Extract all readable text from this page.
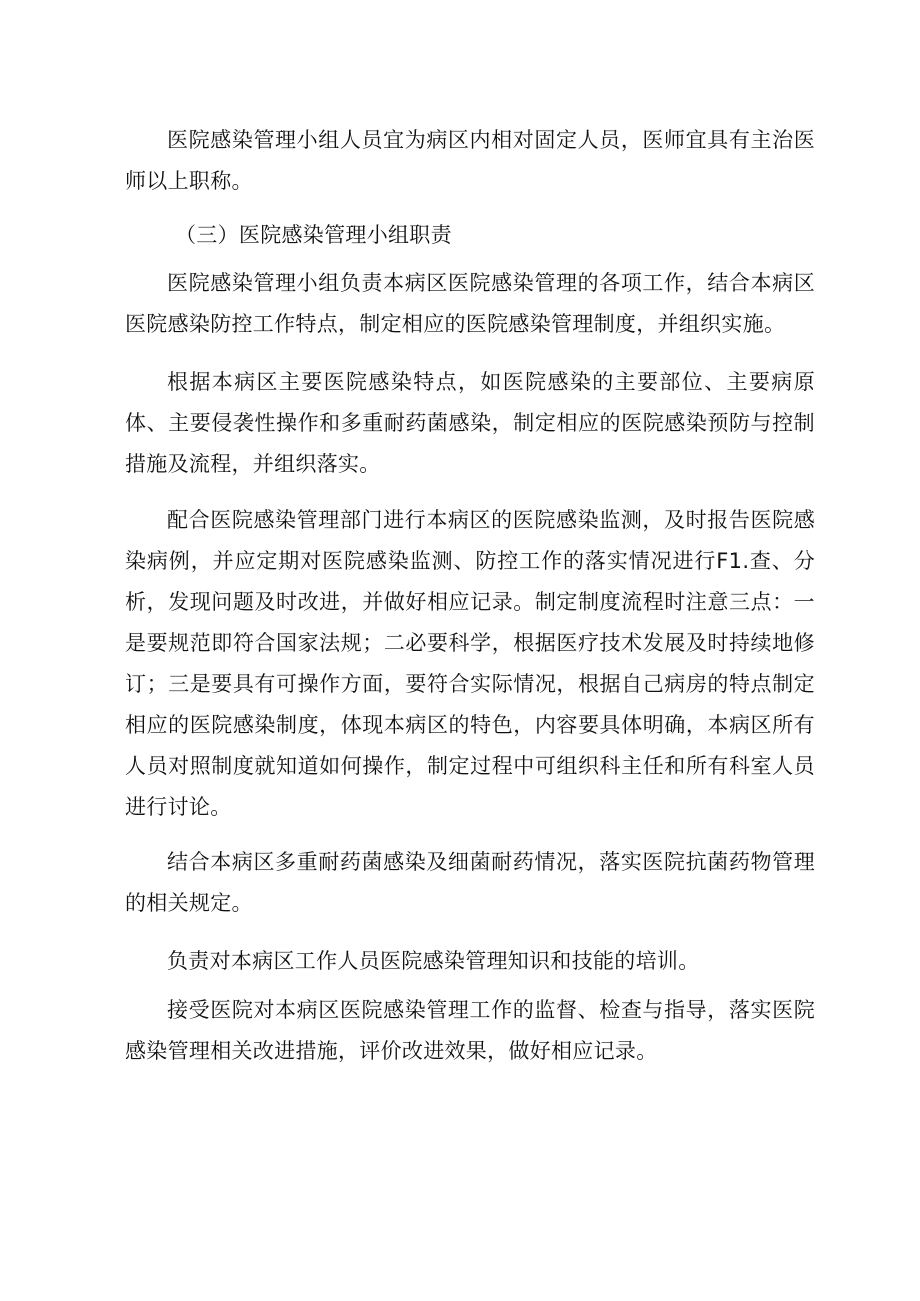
医院感染管理小组人员宜为病区内相对固定人员，医师宜具有主治医师以上职称。

（三）医院感染管理小组职责

医院感染管理小组负责本病区医院感染管理的各项工作，结合本病区医院感染防控工作特点，制定相应的医院感染管理制度，并组织实施。

根据本病区主要医院感染特点，如医院感染的主要部位、主要病原体、主要侵袭性操作和多重耐药菌感染，制定相应的医院感染预防与控制措施及流程，并组织落实。

配合医院感染管理部门进行本病区的医院感染监测，及时报告医院感染病例，并应定期对医院感染监测、防控工作的落实情况进行F1.查、分析，发现问题及时改进，并做好相应记录。制定制度流程时注意三点：一是要规范即符合国家法规；二必要科学，根据医疗技术发展及时持续地修订；三是要具有可操作方面，要符合实际情况，根据自己病房的特点制定相应的医院感染制度，体现本病区的特色，内容要具体明确，本病区所有人员对照制度就知道如何操作，制定过程中可组织科主任和所有科室人员进行讨论。

结合本病区多重耐药菌感染及细菌耐药情况，落实医院抗菌药物管理的相关规定。

负责对本病区工作人员医院感染管理知识和技能的培训。

接受医院对本病区医院感染管理工作的监督、检查与指导，落实医院感染管理相关改进措施，评价改进效果，做好相应记录。
